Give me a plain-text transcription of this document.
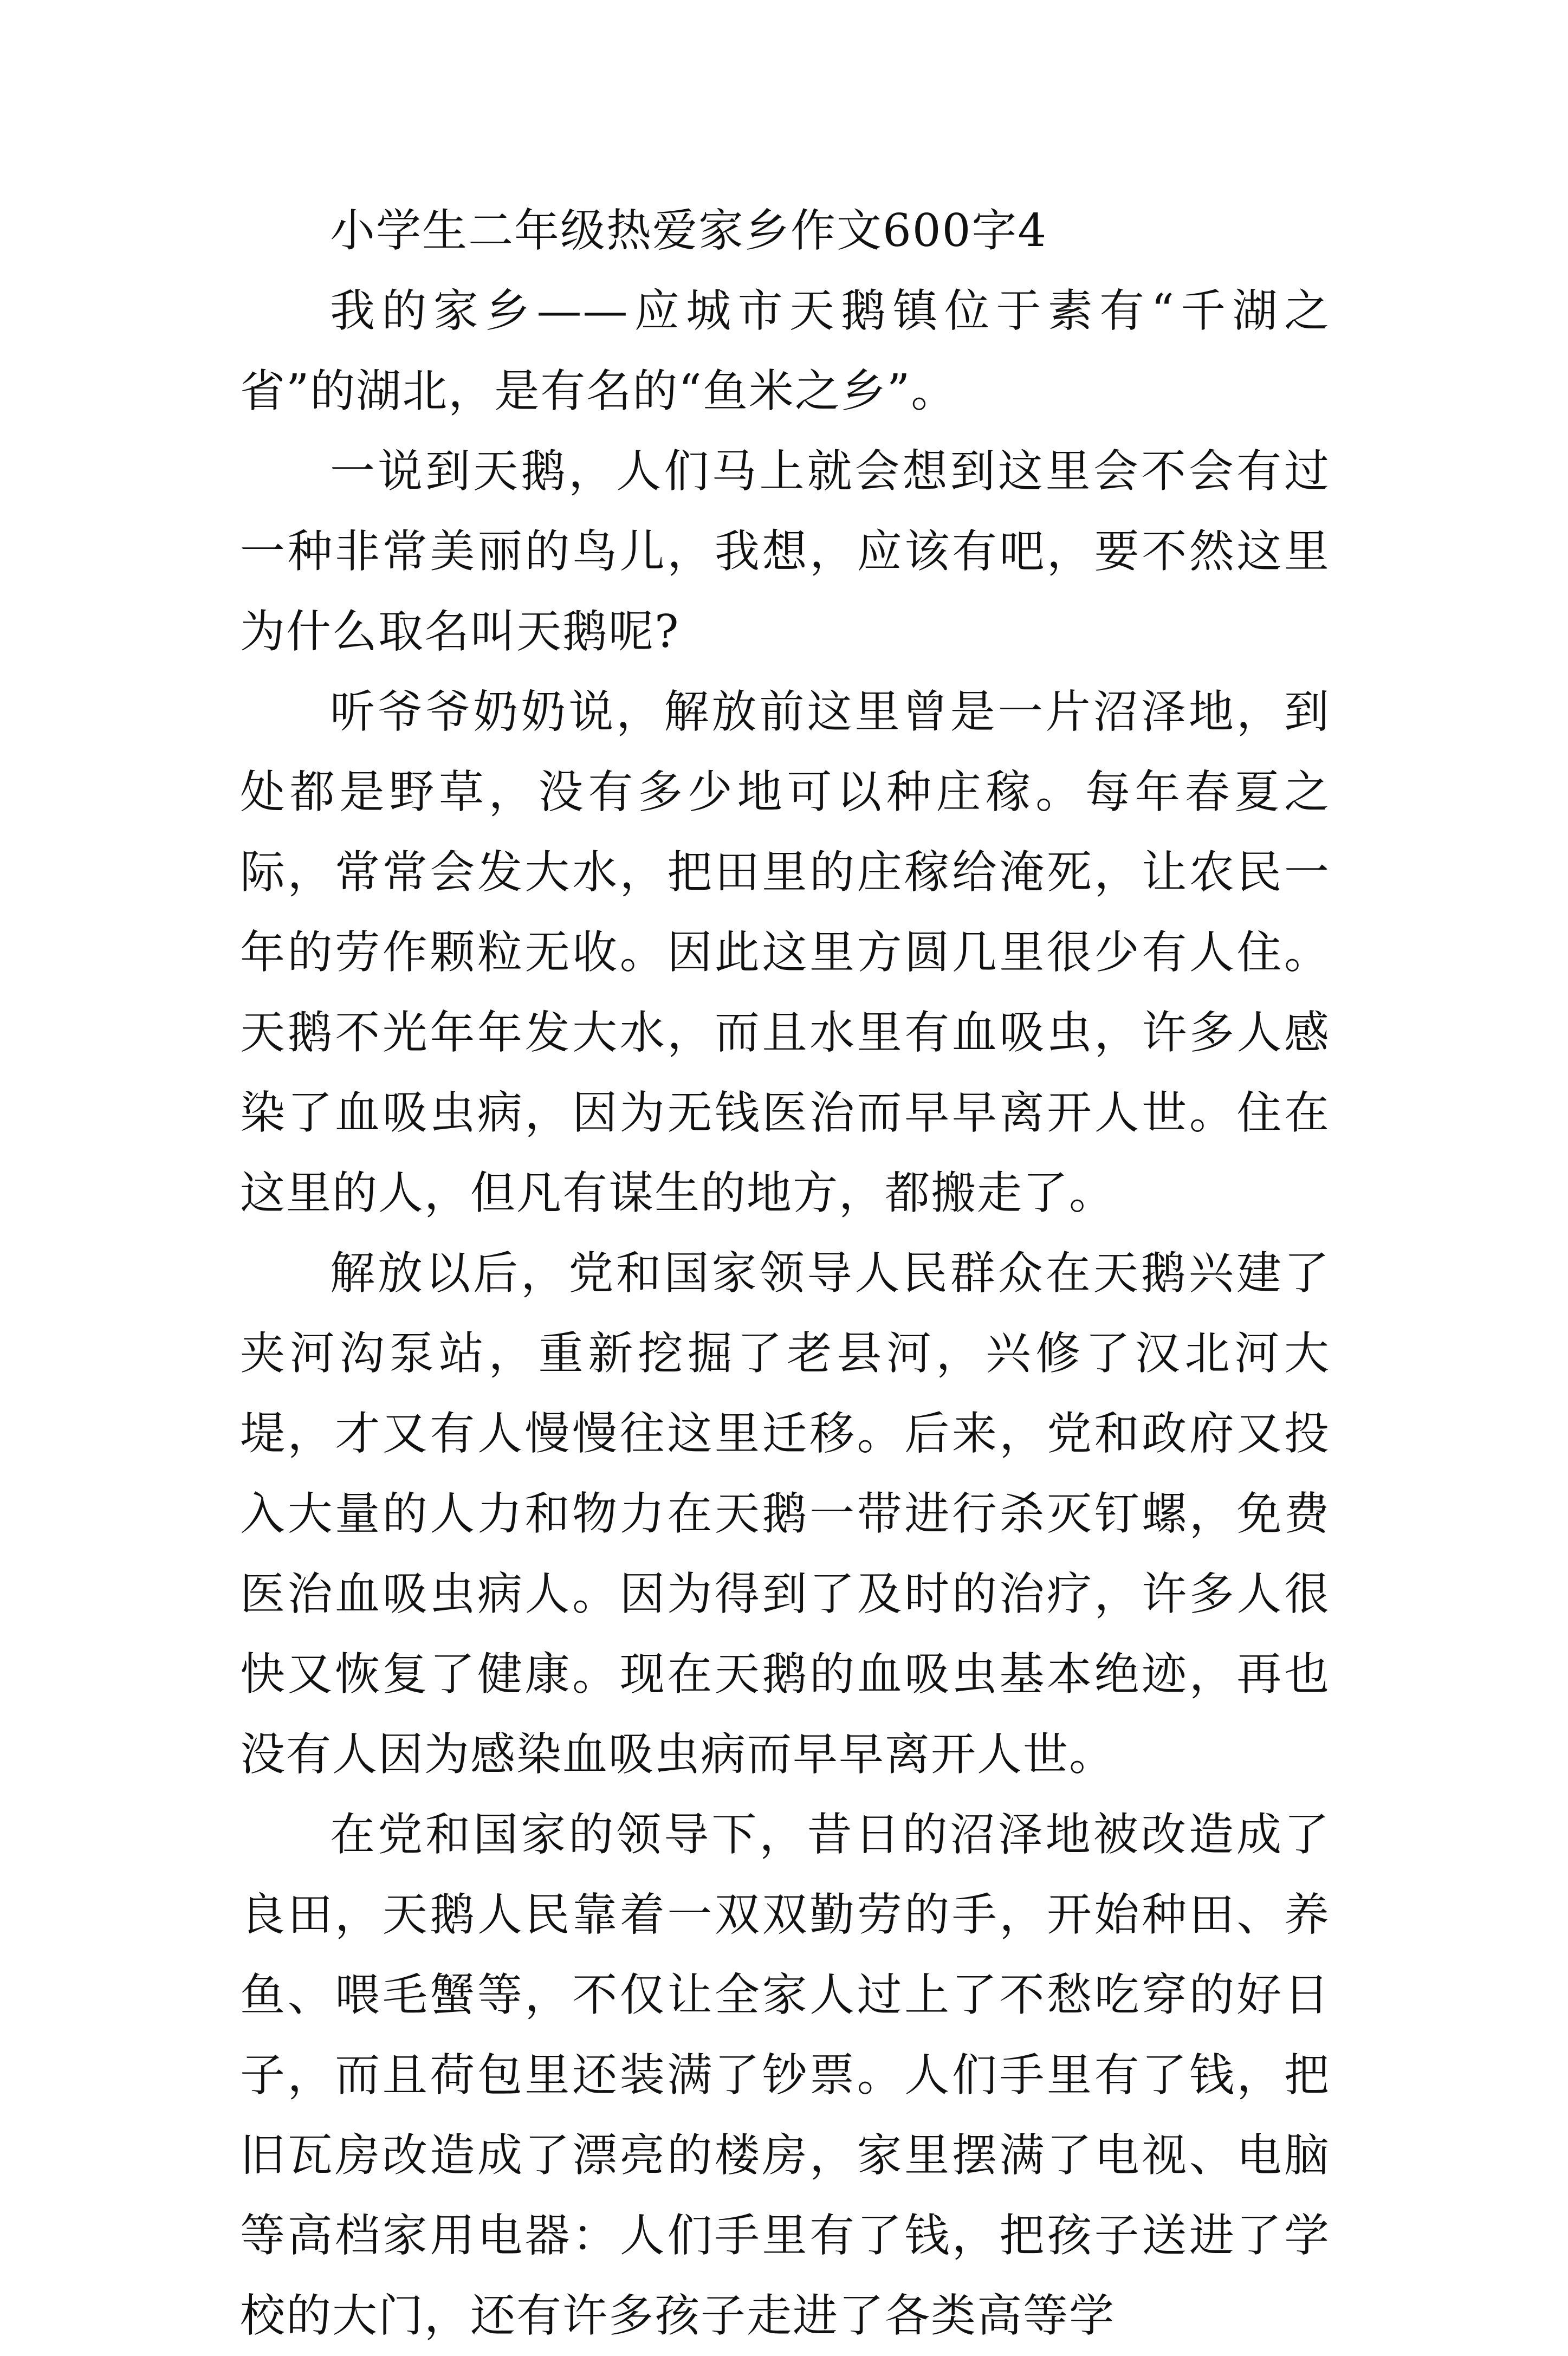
小学生二年级热爱家乡作文600字4

我的家乡——应城市天鹅镇位于素有“千湖之省”的湖北，是有名的“鱼米之乡”。

一说到天鹅，人们马上就会想到这里会不会有过一种非常美丽的鸟儿，我想，应该有吧，要不然这里为什么取名叫天鹅呢?

听爷爷奶奶说，解放前这里曾是一片沼泽地，到处都是野草，没有多少地可以种庄稼。每年春夏之际，常常会发大水，把田里的庄稼给淹死，让农民一年的劳作颗粒无收。因此这里方圆几里很少有人住。天鹅不光年年发大水，而且水里有血吸虫，许多人感染了血吸虫病，因为无钱医治而早早离开人世。住在这里的人，但凡有谋生的地方，都搬走了。

解放以后，党和国家领导人民群众在天鹅兴建了夹河沟泵站，重新挖掘了老县河，兴修了汉北河大堤，才又有人慢慢往这里迁移。后来，党和政府又投入大量的人力和物力在天鹅一带进行杀灭钉螺，免费医治血吸虫病人。因为得到了及时的治疗，许多人很快又恢复了健康。现在天鹅的血吸虫基本绝迹，再也没有人因为感染血吸虫病而早早离开人世。

在党和国家的领导下，昔日的沼泽地被改造成了良田，天鹅人民靠着一双双勤劳的手，开始种田、养鱼、喂毛蟹等，不仅让全家人过上了不愁吃穿的好日子，而且荷包里还装满了钞票。人们手里有了钱，把旧瓦房改造成了漂亮的楼房，家里摆满了电视、电脑等高档家用电器：人们手里有了钱，把孩子送进了学校的大门，还有许多孩子走进了各类高等学
